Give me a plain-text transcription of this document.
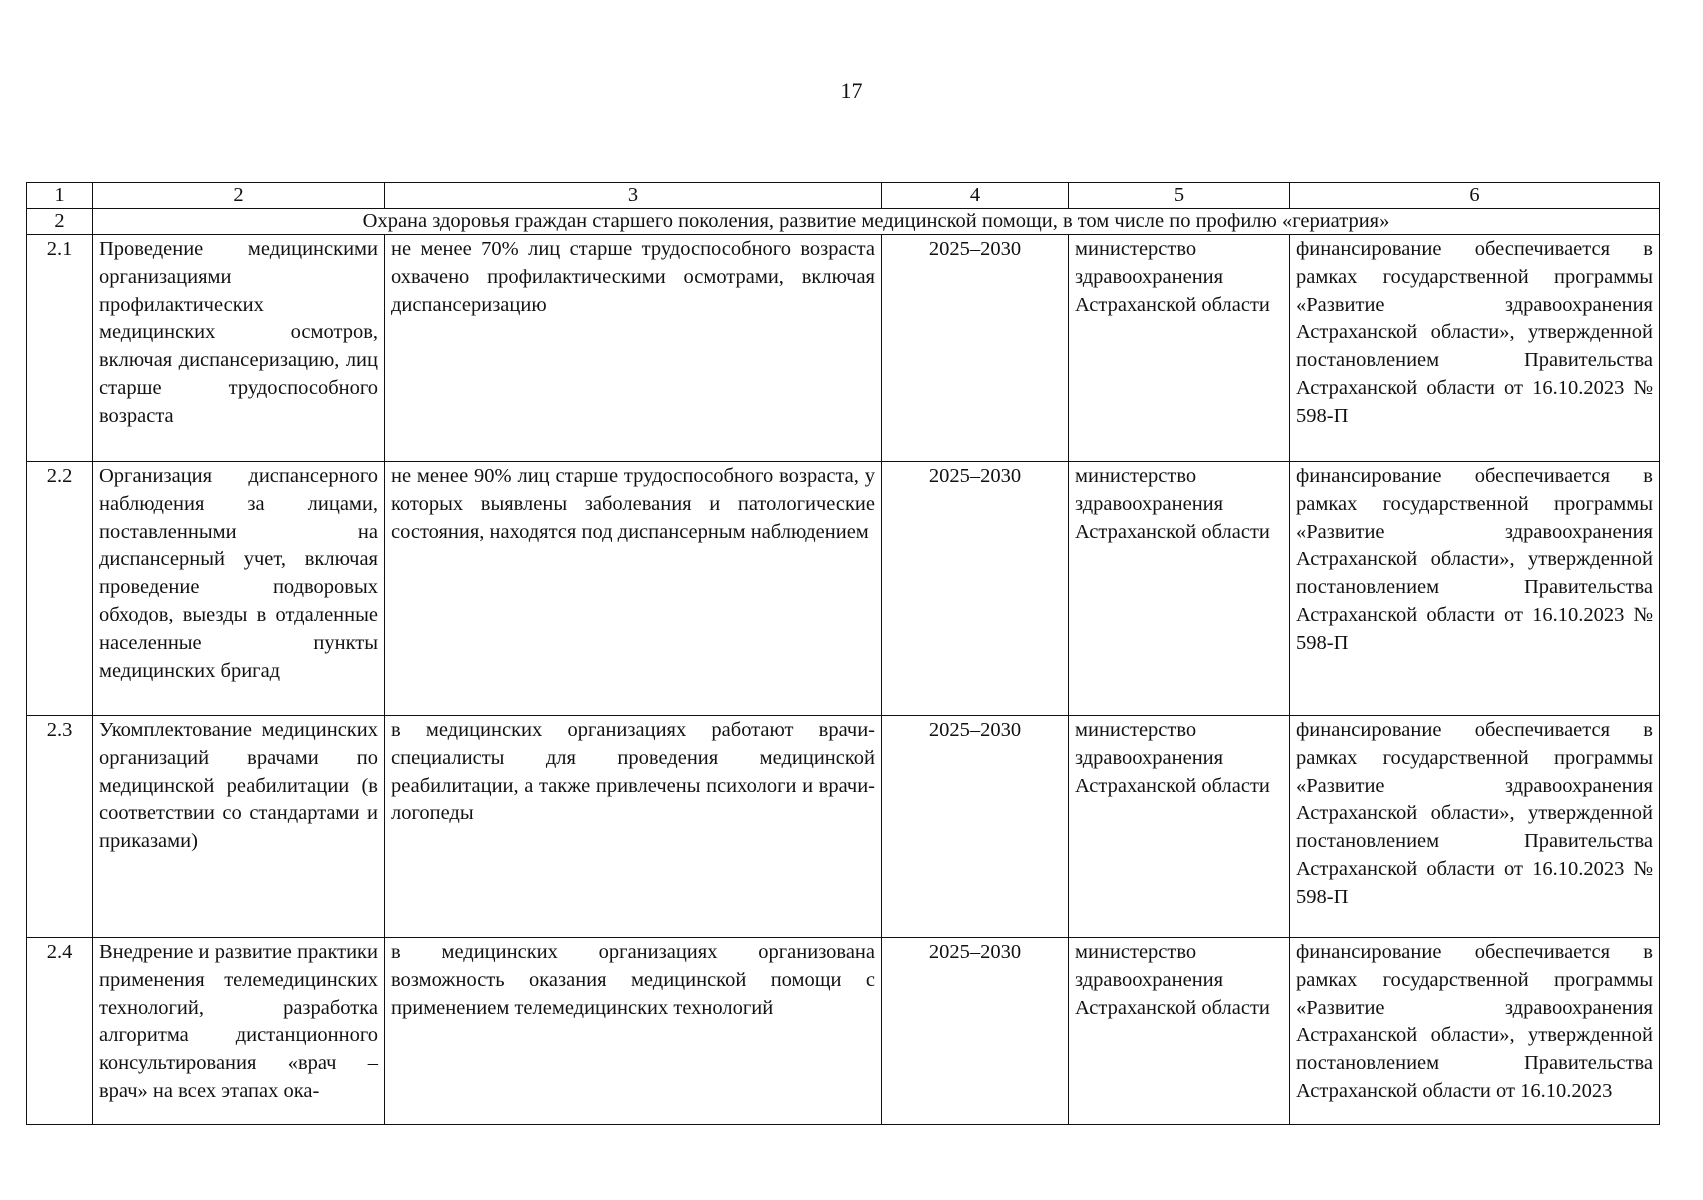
17
1	2	3	4	5	6
2	Охрана здоровья граждан старшего поколения, развитие медицинской помощи, в том числе по профилю «гериатрия»				
2.1	Проведение медицинскими организациями профилактических медицинских осмотров, включая диспансеризацию, лиц старше трудоспособного возраста	не менее 70% лиц старше трудоспособного возраста охвачено профилактическими осмотрами, включая диспансеризацию	2025–2030	министерство здравоохранения Астраханской области	финансирование обеспечивается в рамках государственной программы «Развитие здравоохранения Астраханской области», утвержденной постановлением Правительства Астраханской области от 16.10.2023 № 598-П
2.2	Организация диспансерного наблюдения за лицами, поставленными на диспансерный учет, включая проведение подворовых обходов, выезды в отдаленные населенные пункты медицинских бригад	не менее 90% лиц старше трудоспособного возраста, у которых выявлены заболевания и патологические состояния, находятся под диспансерным наблюдением	2025–2030	министерство здравоохранения Астраханской области	финансирование обеспечивается в рамках государственной программы «Развитие здравоохранения Астраханской области», утвержденной постановлением Правительства Астраханской области от 16.10.2023 № 598-П
2.3	Укомплектование медицинских организаций врачами по медицинской реабилитации (в соответствии со стандартами и приказами)	в медицинских организациях работают врачи-специалисты для проведения медицинской реабилитации, а также привлечены психологи и врачи-логопеды	2025–2030	министерство здравоохранения Астраханской области	финансирование обеспечивается в рамках государственной программы «Развитие здравоохранения Астраханской области», утвержденной постановлением Правительства Астраханской области от 16.10.2023 № 598-П
2.4	Внедрение и развитие практики применения телемедицинских технологий, разработка алгоритма дистанционного консультирования «врач – врач» на всех этапах ока-	в медицинских организациях организована возможность оказания медицинской помощи с применением телемедицинских технологий	2025–2030	министерство здравоохранения Астраханской области	финансирование обеспечивается в рамках государственной программы «Развитие здравоохранения Астраханской области», утвержденной постановлением Правительства Астраханской области от 16.10.2023
